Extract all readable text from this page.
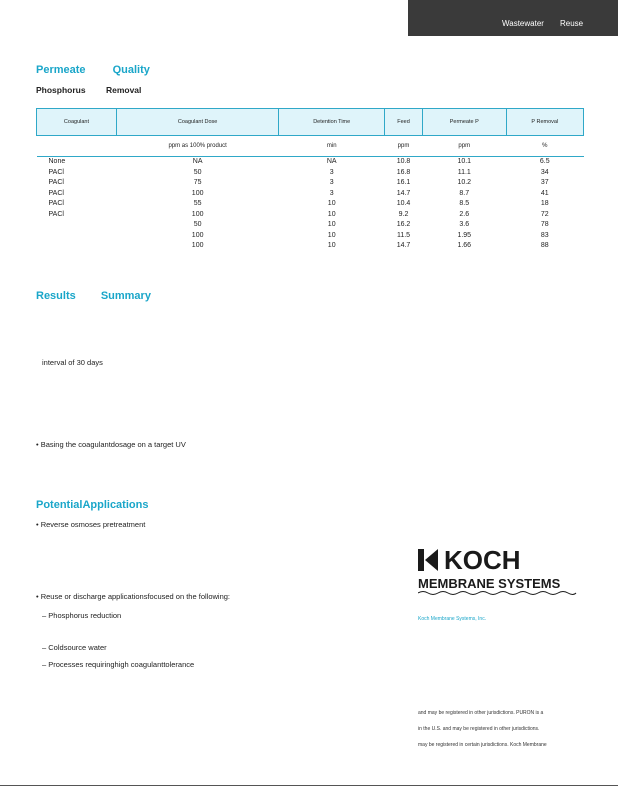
Wastewater Reuse
Permeate Quality
Phosphorus Removal
Coagulant	Coagulant Dose	Detention Time	Feed	Permeate P	P Removal
	ppm as 100% product	min	ppm	ppm	%
None	NA	NA	10.8	10.1	6.5
PACl	50	3	16.8	11.1	34
PACl	75	3	16.1	10.2	37
PACl	100	3	14.7	8.7	41
PACl	55	10	10.4	8.5	18
PACl	100	10	9.2	2.6	72
	50	10	16.2	3.6	78
	100	10	11.5	1.95	83
	100	10	14.7	1.66	88
Results Summary
interval of 30 days
• Basing the coagulantdosage on a target UV
PotentialApplications
• Reverse osmoses pretreatment
• Reuse or discharge applicationsfocused on the following:
– Phosphorus reduction
– Coldsource water
– Processes requiringhigh coagulanttolerance
KOCH
MEMBRANE SYSTEMS
Koch Membrane Systems, Inc.
and may be registered in other jurisdictions. PURON is a
in the U.S. and may be registered in other jurisdictions.
may be registered in certain jurisdictions. Koch Membrane
